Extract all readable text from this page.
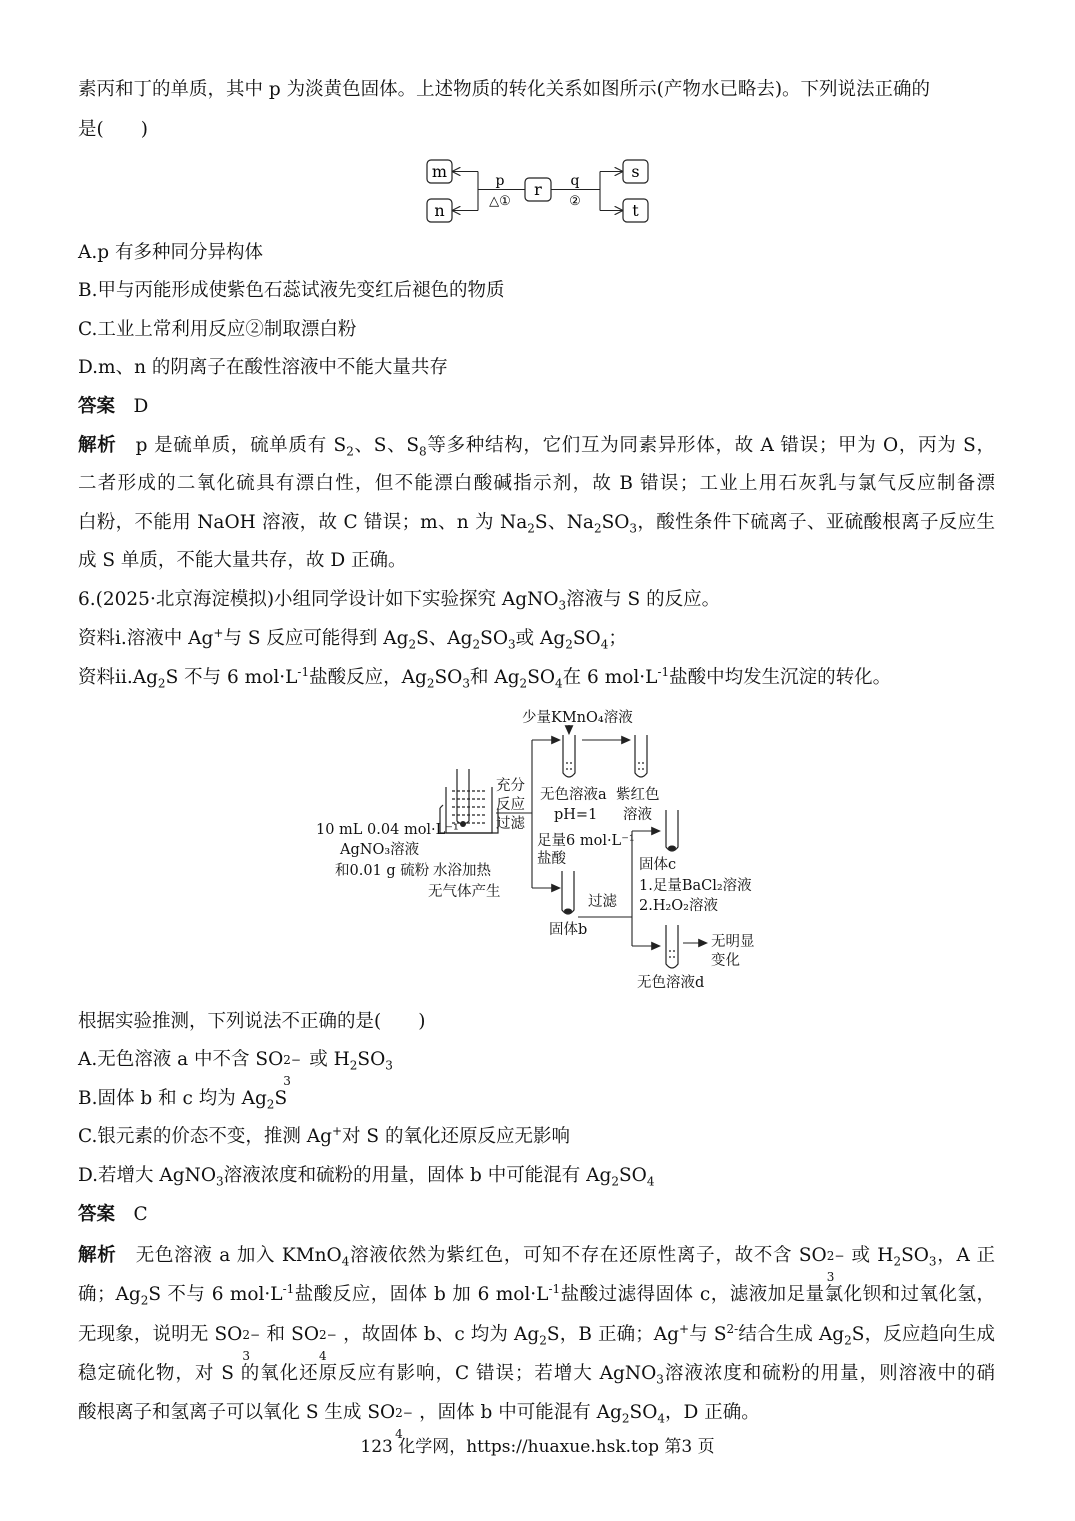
素丙和丁的单质，其中 p 为淡黄色固体。上述物质的转化关系如图所示(产物水已略去)。下列说法正确的
是(　　)
m
n
r
s
t
p
△①
q
②
A.p 有多种同分异构体
B.甲与丙能形成使紫色石蕊试液先变红后褪色的物质
C.工业上常利用反应②制取漂白粉
D.m、n 的阴离子在酸性溶液中不能大量共存
答案　 D
解析　 p 是硫单质，硫单质有 $S_2$、S、$S_8$等多种结构，它们互为同素异形体，故 A 错误；甲为 O，丙为 S，
二者形成的二氧化硫具有漂白性，但不能漂白酸碱指示剂，故 B 错误；工业上用石灰乳与氯气反应制备漂
白粉，不能用 NaOH 溶液，故 C 错误；m、n 为 $Na_2S$、$Na_2SO_3$，酸性条件下硫离子、亚硫酸根离子反应生
成 S 单质，不能大量共存，故 D 正确。
6.(2025·北京海淀模拟)小组同学设计如下实验探究 AgNO$_3$溶液与 S 的反应。
资料ⅰ.溶液中 Ag+与 S 反应可能得到 $Ag_2S$、$Ag_2SO_3$或 $Ag_2SO_4$；
资料$ⅱ.Ag_2S$ 不与 6 $mol\cdot L^{-1}$盐酸反应，$Ag_2SO_3$和 $Ag_2SO_4$在 6 $mol\cdot L^{-1}$盐酸中均发生沉淀的转化。
少量KMnO₄溶液
10 mL 0.04 mol·L⁻¹
AgNO₃溶液
和0.01 g 硫粉 水浴加热
无气体产生
充分
反应
过滤
无色溶液a
pH=1
紫红色
溶液
足量6 mol·L⁻¹
盐酸
过滤
固体b
固体c
1.足量BaCl₂溶液
2.H₂O₂溶液
无色溶液d
无明显
变化
根据实验推测，下列说法不正确的是(　　)
A.无色溶液 a 中不含 SO 2−
3
或 $H_2SO_3$
B.固体 b 和 c 均为 $Ag_2S$
C.银元素的价态不变，推测 Ag+对 S 的氧化还原反应无影响
D.若增大 AgNO$_3$溶液浓度和硫粉的用量，固体 b 中可能混有 $Ag_2SO_4$
答案　 C
解析　 无色溶液 a 加入 KMnO$_4$溶液依然为紫红色，可知不存在还原性离子，故不含 SO 2−
3
或 $H_2SO_3$，A 正
确；$Ag_2S$ 不与 6 $mol\cdot L^{-1}$盐酸反应，固体 b 加 6 $mol\cdot L^{-1}$盐酸过滤得固体 c，滤液加足量氯化钡和过氧化氢，
无现象，说明无 SO 2−
3
和 SO 2−
4
，故固体 b、c 均为 $Ag_2S$，B 正确；Ag+与 $S^{2-}$结合生成 $Ag_2S$，反应趋向生成
稳定硫化物，对 S 的氧化还原反应有影响，C 错误；若增大 AgNO$_3$溶液浓度和硫粉的用量，则溶液中的硝
酸根离子和氢离子可以氧化 S 生成 SO 2−
4
，固体 b 中可能混有 $Ag_2SO_4$，D 正确。
123 化学网，https://huaxue.hsk.top 第3 页
